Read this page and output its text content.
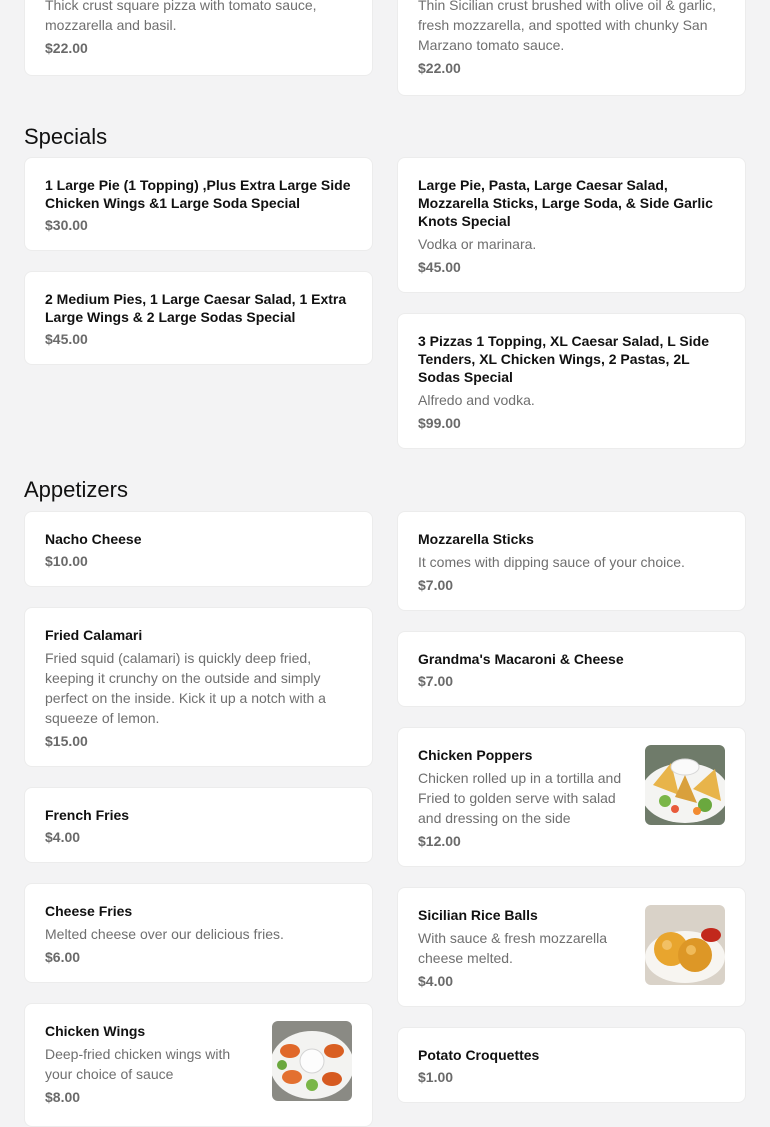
Thick crust square pizza with tomato sauce, mozzarella and basil.
$22.00
Thin Sicilian crust brushed with olive oil & garlic, fresh mozzarella, and spotted with chunky San Marzano tomato sauce.
$22.00
Specials
1 Large Pie (1 Topping) ,Plus Extra Large Side Chicken Wings &1 Large Soda Special
$30.00
Large Pie, Pasta, Large Caesar Salad, Mozzarella Sticks, Large Soda, & Side Garlic Knots Special
Vodka or marinara.
$45.00
2 Medium Pies, 1 Large Caesar Salad, 1 Extra Large Wings & 2 Large Sodas Special
$45.00	3 Pizzas 1 Topping, XL Caesar Salad, L Side Tenders, XL Chicken Wings, 2 Pastas, 2L Sodas Special
Alfredo and vodka.
$99.00
Appetizers
Nacho Cheese
$10.00
Mozzarella Sticks
It comes with dipping sauce of your choice.
$7.00
Fried Calamari
Fried squid (calamari) is quickly deep fried, keeping it crunchy on the outside and simply perfect on the inside. Kick it up a notch with a squeeze of lemon.
$15.00
Grandma's Macaroni & Cheese
$7.00
French Fries
$4.00
Chicken Poppers
Chicken rolled up in a tortilla and Fried to golden serve with salad and dressing on the side
$12.00
Cheese Fries
Melted cheese over our delicious fries.
$6.00
Sicilian Rice Balls
With sauce & fresh mozzarella cheese melted.
$4.00
Chicken Wings
Deep-fried chicken wings with your choice of sauce
$8.00
Potato Croquettes
$1.00
